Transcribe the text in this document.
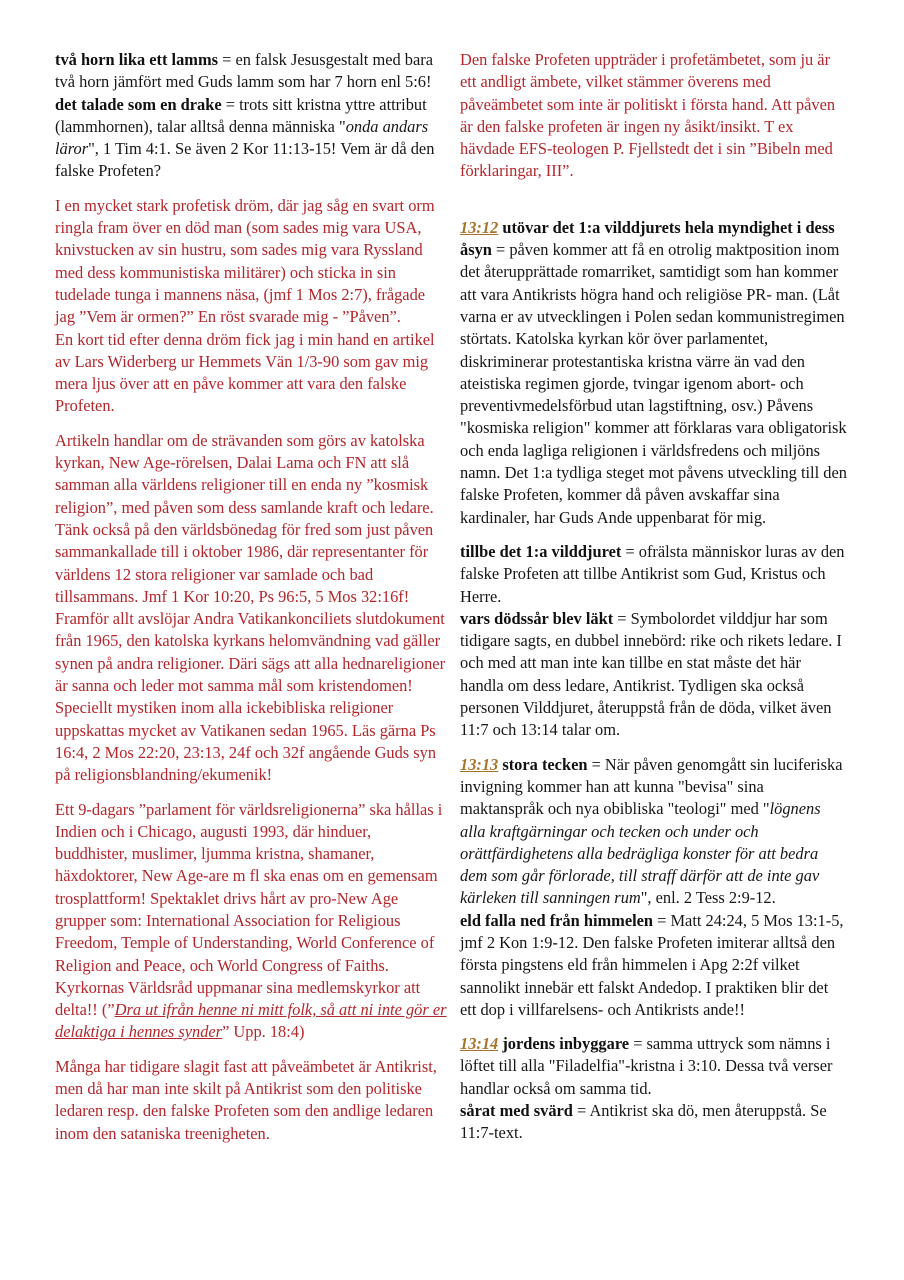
två horn lika ett lamms = en falsk Jesusgestalt med bara två horn jämfört med Guds lamm som har 7 horn enl 5:6!
det talade som en drake = trots sitt kristna yttre attribut (lammhornen), talar alltså denna människa "onda andars läror", 1 Tim 4:1. Se även 2 Kor 11:13-15! Vem är då den falske Profeten?

I en mycket stark profetisk dröm, där jag såg en svart orm ringla fram över en död man (som sades mig vara USA, knivstucken av sin hustru, som sades mig vara Ryssland med dess kommunistiska militärer) och sticka in sin tudelade tunga i mannens näsa, (jmf 1 Mos 2:7), frågade jag ”Vem är ormen?” En röst svarade mig - ”Påven”.
En kort tid efter denna dröm fick jag i min hand en artikel av Lars Widerberg ur Hemmets Vän 1/3-90 som gav mig mera ljus över att en påve kommer att vara den falske Profeten.

Artikeln handlar om de strävanden som görs av katolska kyrkan, New Age-rörelsen, Dalai Lama och FN att slå samman alla världens religioner till en enda ny ”kosmisk religion”, med påven som dess samlande kraft och ledare. Tänk också på den världsbönedag för fred som just påven sammankallade till i oktober 1986, där representanter för världens 12 stora religioner var samlade och bad tillsammans. Jmf 1 Kor 10:20, Ps 96:5, 5 Mos 32:16f!
Framför allt avslöjar Andra Vatikankonciliets slutdokument från 1965, den katolska kyrkans helomvändning vad gäller synen på andra religioner. Däri sägs att alla hednareligioner är sanna och leder mot samma mål som kristendomen! Speciellt mystiken inom alla ickebibliska religioner uppskattas mycket av Vatikanen sedan 1965. Läs gärna Ps 16:4, 2 Mos 22:20, 23:13, 24f och 32f angående Guds syn på religionsblandning/ekumenik!

Ett 9-dagars ”parlament för världsreligionerna” ska hållas i Indien och i Chicago, augusti 1993, där hinduer, buddhister, muslimer, ljumma kristna, shamaner, häxdoktorer, New Age-are m fl ska enas om en gemensam trosplattform! Spektaklet drivs hårt av pro-New Age grupper som: International Association for Religious Freedom, Temple of Understanding, World Conference of Religion and Peace, och World Congress of Faiths. Kyrkornas Världsråd uppmanar sina medlemskyrkor att delta!! (”Dra ut ifrån henne ni mitt folk, så att ni inte gör er delaktiga i hennes synder” Upp. 18:4)

Många har tidigare slagit fast att påveämbetet är Antikrist, men då har man inte skilt på Antikrist som den politiske ledaren resp. den falske Profeten som den andlige ledaren inom den sataniska treenigheten.

Den falske Profeten uppträder i profetämbetet, som ju är ett andligt ämbete, vilket stämmer överens med påveämbetet som inte är politiskt i första hand. Att påven är den falske profeten är ingen ny åsikt/insikt. T ex hävdade EFS-teologen P. Fjellstedt det i sin ”Bibeln med förklaringar, III”.

13:12 utövar det 1:a vilddjurets hela myndighet i dess åsyn = påven kommer att få en otrolig maktposition inom det återupprättade romarriket, samtidigt som han kommer att vara Antikrists högra hand och religiöse PR- man. (Låt varna er av utvecklingen i Polen sedan kommunistregimen störtats. Katolska kyrkan kör över parlamentet, diskriminerar protestantiska kristna värre än vad den ateistiska regimen gjorde, tvingar igenom abort- och preventivmedelsförbud utan lagstiftning, osv.) Påvens "kosmiska religion" kommer att förklaras vara obligatorisk och enda lagliga religionen i världsfredens och miljöns namn. Det 1:a tydliga steget mot påvens utveckling till den falske Profeten, kommer då påven avskaffar sina kardinaler, har Guds Ande uppenbarat för mig.

tillbe det 1:a vilddjuret = ofrälsta människor luras av den falske Profeten att tillbe Antikrist som Gud, Kristus och Herre.
vars dödssår blev läkt = Symbolordet vilddjur har som tidigare sagts, en dubbel innebörd: rike och rikets ledare. I och med att man inte kan tillbe en stat måste det här handla om dess ledare, Antikrist. Tydligen ska också personen Vilddjuret, återuppstå från de döda, vilket även 11:7 och 13:14 talar om.

13:13 stora tecken = När påven genomgått sin luciferiska invigning kommer han att kunna "bevisa" sina maktanspråk och nya obibliska "teologi" med "lögnens alla kraftgärningar och tecken och under och orättfärdighetens alla bedrägliga konster för att bedra dem som går förlorade, till straff därför att de inte gav kärleken till sanningen rum", enl. 2 Tess 2:9-12.
eld falla ned från himmelen = Matt 24:24, 5 Mos 13:1-5, jmf 2 Kon 1:9-12. Den falske Profeten imiterar alltså den första pingstens eld från himmelen i Apg 2:2f vilket sannolikt innebär ett falskt Andedop. I praktiken blir det ett dop i villfarelsens- och Antikrists ande!!

13:14 jordens inbyggare = samma uttryck som nämns i löftet till alla "Filadelfia"-kristna i 3:10. Dessa två verser handlar också om samma tid.
sårat med svärd = Antikrist ska dö, men återuppstå. Se 11:7-text.
